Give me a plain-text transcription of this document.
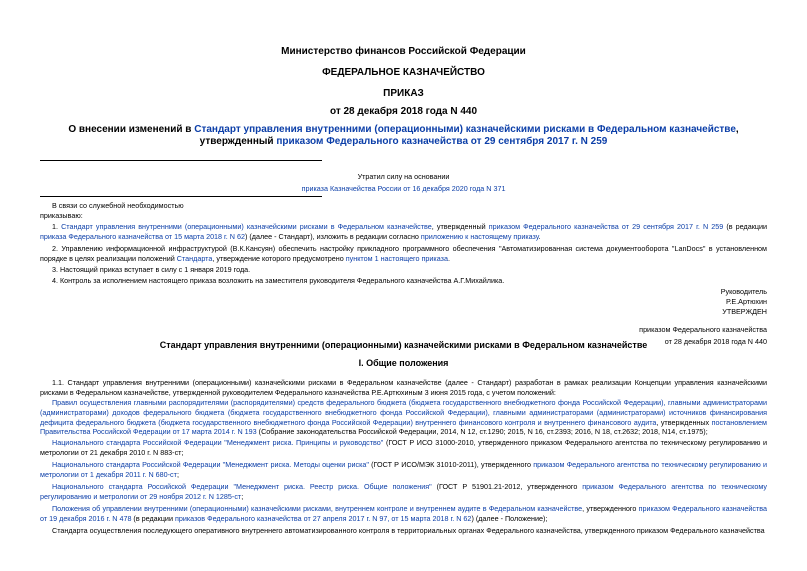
Министерство финансов Российской Федерации
ФЕДЕРАЛЬНОЕ КАЗНАЧЕЙСТВО
ПРИКАЗ
от 28 декабря 2018 года N 440
О внесении изменений в Стандарт управления внутренними (операционными) казначейскими рисками в Федеральном казначействе, утвержденный приказом Федерального казначейства от 29 сентября 2017 г. N 259
Утратил силу на основании
приказа Казначейства России от 16 декабря 2020 года N 371
В связи со служебной необходимостью
приказываю:
1. Стандарт управления внутренними (операционными) казначейскими рисками в Федеральном казначействе, утвержденный приказом Федерального казначейства от 29 сентября 2017 г. N 259 (в редакции приказа Федерального казначейства от 15 марта 2018 г. N 62) (далее - Стандарт), изложить в редакции согласно приложению к настоящему приказу.
2. Управлению информационной инфраструктурой (В.К.Кансуян) обеспечить настройку прикладного программного обеспечения "Автоматизированная система документооборота "LanDocs" в установленном порядке в целях реализации положений Стандарта, утверждение которого предусмотрено пунктом 1 настоящего приказа.
3. Настоящий приказ вступает в силу с 1 января 2019 года.
4. Контроль за исполнением настоящего приказа возложить на заместителя руководителя Федерального казначейства А.Г.Михайлика.
Руководитель
Р.Е.Артюхин
УТВЕРЖДЕН
приказом Федерального казначейства
от 28 декабря 2018 года N 440
Стандарт управления внутренними (операционными) казначейскими рисками в Федеральном казначействе
I. Общие положения
1.1. Стандарт управления внутренними (операционными) казначейскими рисками в Федеральном казначействе (далее - Стандарт) разработан в рамках реализации Концепции управления казначейскими рисками в Федеральном казначействе, утвержденной руководителем Федерального казначейства Р.Е.Артюхиным 3 июня 2015 года, с учетом положений:
Правил осуществления главными распорядителями (распорядителями) средств федерального бюджета (бюджета государственного внебюджетного фонда Российской Федерации), главными администраторами (администраторами) доходов федерального бюджета (бюджета государственного внебюджетного фонда Российской Федерации), главными администраторами (администраторами) источников финансирования дефицита федерального бюджета (бюджета государственного внебюджетного фонда Российской Федерации) внутреннего финансового контроля и внутреннего финансового аудита, утвержденных постановлением Правительства Российской Федерации от 17 марта 2014 г. N 193 (Собрание законодательства Российской Федерации, 2014, N 12, ст.1290; 2015, N 16, ст.2393; 2016, N 18, ст.2632; 2018, N14, ст.1975);
Национального стандарта Российской Федерации "Менеджмент риска. Принципы и руководство" (ГОСТ Р ИСО 31000-2010, утвержденного приказом Федерального агентства по техническому регулированию и метрологии от 21 декабря 2010 г. N 883-ст;
Национального стандарта Российской Федерации "Менеджмент риска. Методы оценки риска" (ГОСТ Р ИСО/МЭК 31010-2011), утвержденного приказом Федерального агентства по техническому регулированию и метрологии от 1 декабря 2011 г. N 680-ст;
Национального стандарта Российской Федерации "Менеджмент риска. Реестр риска. Общие положения" (ГОСТ Р 51901.21-2012, утвержденного приказом Федерального агентства по техническому регулированию и метрологии от 29 ноября 2012 г. N 1285-ст;
Положения об управлении внутренними (операционными) казначейскими рисками, внутреннем контроле и внутреннем аудите в Федеральном казначействе, утвержденного приказом Федерального казначейства от 19 декабря 2016 г. N 478 (в редакции приказов Федерального казначейства от 27 апреля 2017 г. N 97, от 15 марта 2018 г. N 62) (далее - Положение);
Стандарта осуществления последующего оперативного внутреннего автоматизированного контроля в территориальных органах Федерального казначейства, утвержденного приказом Федерального казначейства
